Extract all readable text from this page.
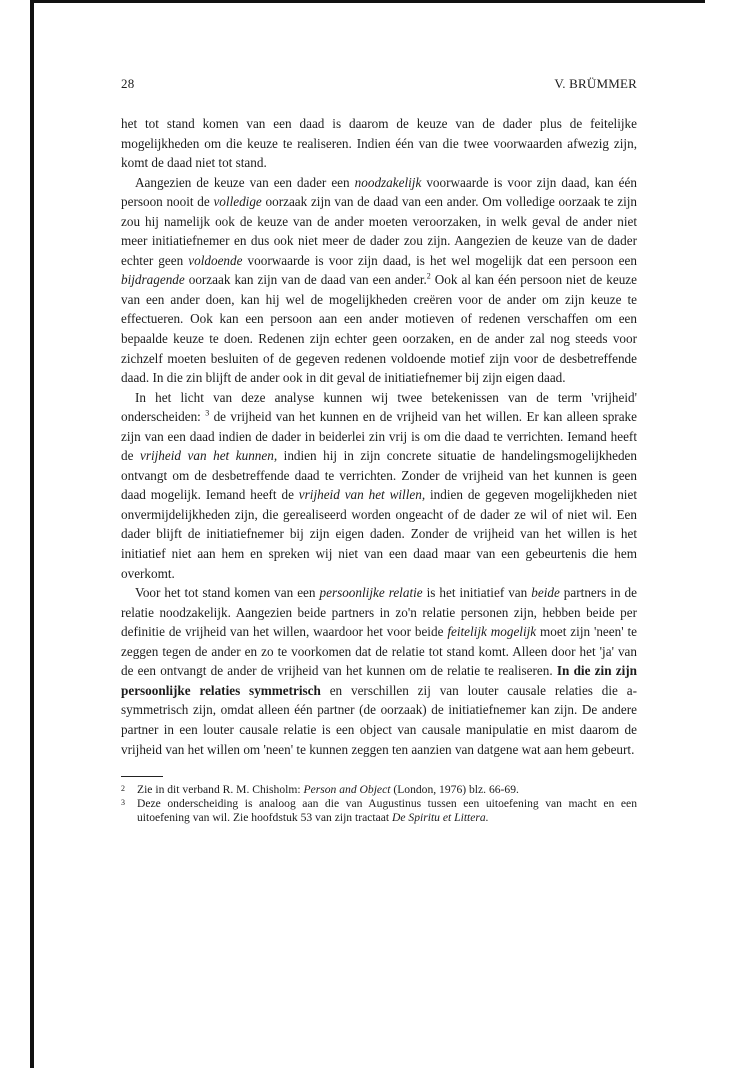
28	V. BRÜMMER

het tot stand komen van een daad is daarom de keuze van de dader plus de feitelijke mogelijkheden om die keuze te realiseren. Indien één van die twee voorwaarden afwezig zijn, komt de daad niet tot stand.

Aangezien de keuze van een dader een noodzakelijk voorwaarde is voor zijn daad, kan één persoon nooit de volledige oorzaak zijn van de daad van een ander. Om volledige oorzaak te zijn zou hij namelijk ook de keuze van de ander moeten veroorzaken, in welk geval de ander niet meer initiatiefnemer en dus ook niet meer de dader zou zijn. Aangezien de keuze van de dader echter geen voldoende voorwaarde is voor zijn daad, is het wel mogelijk dat een persoon een bijdragende oorzaak kan zijn van de daad van een ander.$^2$ Ook al kan één persoon niet de keuze van een ander doen, kan hij wel de mogelijkheden creëren voor de ander om zijn keuze te effectueren. Ook kan een persoon aan een ander motieven of redenen verschaffen om een bepaalde keuze te doen. Redenen zijn echter geen oorzaken, en de ander zal nog steeds voor zichzelf moeten besluiten of de gegeven redenen voldoende motief zijn voor de desbetreffende daad. In die zin blijft de ander ook in dit geval de initiatiefnemer bij zijn eigen daad.

In het licht van deze analyse kunnen wij twee betekenissen van de term 'vrijheid' onderscheiden: $^3$ de vrijheid van het kunnen en de vrijheid van het willen. Er kan alleen sprake zijn van een daad indien de dader in beiderlei zin vrij is om die daad te verrichten. Iemand heeft de vrijheid van het kunnen, indien hij in zijn concrete situatie de handelingsmogelijkheden ontvangt om de desbetreffende daad te verrichten. Zonder de vrijheid van het kunnen is geen daad mogelijk. Iemand heeft de vrijheid van het willen, indien de gegeven mogelijkheden niet onvermijdelijkheden zijn, die gerealiseerd worden ongeacht of de dader ze wil of niet wil. Een dader blijft de initiatiefnemer bij zijn eigen daden. Zonder de vrijheid van het willen is het initiatief niet aan hem en spreken wij niet van een daad maar van een gebeurtenis die hem overkomt.

Voor het tot stand komen van een persoonlijke relatie is het initiatief van beide partners in de relatie noodzakelijk. Aangezien beide partners in zo'n relatie personen zijn, hebben beide per definitie de vrijheid van het willen, waardoor het voor beide feitelijk mogelijk moet zijn 'neen' te zeggen tegen de ander en zo te voorkomen dat de relatie tot stand komt. Alleen door het 'ja' van de een ontvangt de ander de vrijheid van het kunnen om de relatie te realiseren. In die zin zijn persoonlijke relaties symmetrisch en verschillen zij van louter causale relaties die a-symmetrisch zijn, omdat alleen één partner (de oorzaak) de initiatiefnemer kan zijn. De andere partner in een louter causale relatie is een object van causale manipulatie en mist daarom de vrijheid van het willen om 'neen' te kunnen zeggen ten aanzien van datgene wat aan hem gebeurt.

2	Zie in dit verband R. M. Chisholm: Person and Object (London, 1976) blz. 66-69.
3	Deze onderscheiding is analoog aan die van Augustinus tussen een uitoefening van macht en een uitoefening van wil. Zie hoofdstuk 53 van zijn tractaat De Spiritu et Littera.
